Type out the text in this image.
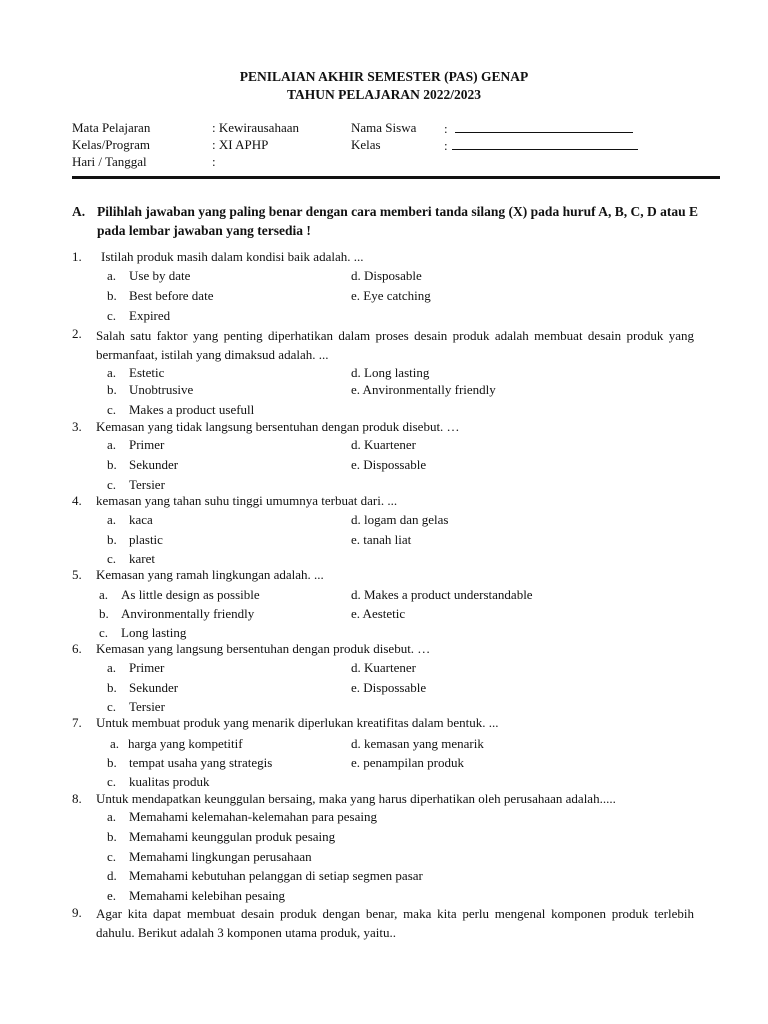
PENILAIAN AKHIR SEMESTER (PAS) GENAP
TAHUN PELAJARAN 2022/2023
Mata Pelajaran	: Kewirausahaan
Kelas/Program	: XI APHP
Hari / Tanggal	:
Nama Siswa :
Kelas	:
A. Pilihlah jawaban yang paling benar dengan cara memberi tanda silang (X) pada huruf A, B, C, D atau E pada lembar jawaban yang tersedia !
1. Istilah produk masih dalam kondisi baik adalah. ...
a. Use by date
b. Best before date
c. Expired
d. Disposable
e. Eye catching
2. Salah satu faktor yang penting diperhatikan dalam proses desain produk adalah membuat desain produk yang bermanfaat, istilah yang dimaksud adalah. ...
a. Estetic
b. Unobtrusive
c. Makes a product usefull
d. Long lasting
e. Anvironmentally friendly
3. Kemasan yang tidak langsung bersentuhan dengan produk disebut. …
a. Primer
b. Sekunder
c. Tersier
d. Kuartener
e. Dispossable
4. kemasan yang tahan suhu tinggi umumnya terbuat dari. ...
a. kaca
b. plastic
c. karet
d. logam dan gelas
e. tanah liat
5. Kemasan yang ramah lingkungan adalah. ...
a. As little design as possible
b. Anvironmentally friendly
c. Long lasting
d. Makes a product understandable
e. Aestetic
6. Kemasan yang langsung bersentuhan dengan produk disebut. …
a. Primer
b. Sekunder
c. Tersier
d. Kuartener
e. Dispossable
7. Untuk membuat produk yang menarik diperlukan kreatifitas dalam bentuk. ...
a. harga yang kompetitif
b. tempat usaha yang strategis
c. kualitas produk
d. kemasan yang menarik
e. penampilan produk
8. Untuk mendapatkan keunggulan bersaing, maka yang harus diperhatikan oleh perusahaan adalah.....
a. Memahami kelemahan-kelemahan para pesaing
b. Memahami keunggulan produk pesaing
c. Memahami lingkungan perusahaan
d. Memahami kebutuhan pelanggan di setiap segmen pasar
e. Memahami kelebihan pesaing
9. Agar kita dapat membuat desain produk dengan benar, maka kita perlu mengenal komponen produk terlebih dahulu. Berikut adalah 3 komponen utama produk, yaitu..
